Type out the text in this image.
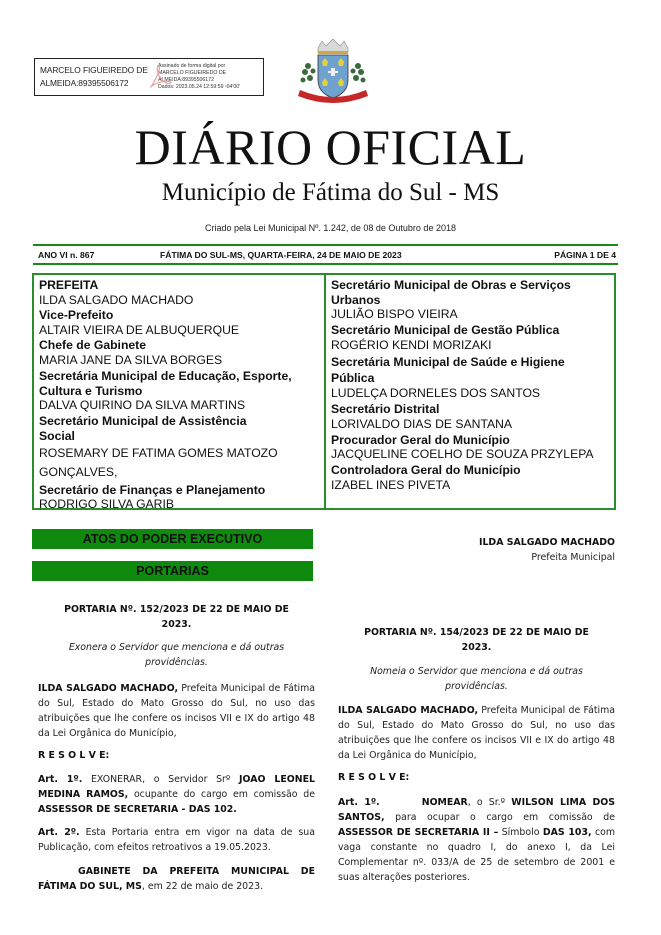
MARCELO FIGUEIREDO DE
ALMEIDA:89395506172
Assinado de forma digital por
MARCELO FIGUEIREDO DE
ALMEIDA:89395506172
Dados: 2023.05.24 12:59:59 -04'00'
DIÁRIO OFICIAL
Município de Fátima do Sul - MS
Criado pela Lei Municipal Nº. 1.242, de 08 de Outubro de 2018
ANO VI n. 867	FÁTIMA DO SUL-MS, QUARTA-FEIRA, 24 DE MAIO DE 2023	PÁGINA 1 DE 4
PREFEITA
ILDA SALGADO MACHADO
Vice-Prefeito
ALTAIR VIEIRA DE ALBUQUERQUE
Chefe de Gabinete
MARIA JANE DA SILVA BORGES
Secretária Municipal de Educação, Esporte, Cultura e Turismo
DALVA QUIRINO DA SILVA MARTINS
Secretário Municipal de Assistência Social
ROSEMARY DE FATIMA GOMES MATOZO GONÇALVES,
Secretário de Finanças e Planejamento
RODRIGO SILVA GARIB
Secretário Municipal de Obras e Serviços Urbanos
JULIÃO BISPO VIEIRA
Secretário Municipal de Gestão Pública
ROGÉRIO KENDI MORIZAKI
Secretária Municipal de Saúde e Higiene Pública
LUDELÇA DORNELES DOS SANTOS
Secretário Distrital
LORIVALDO DIAS DE SANTANA
Procurador Geral do Município
JACQUELINE COELHO DE SOUZA PRZYLEPA
Controladora Geral do Município
IZABEL INES PIVETA
ATOS DO PODER EXECUTIVO
PORTARIAS
PORTARIA Nº. 152/2023 DE 22 DE MAIO DE
2023.
Exonera o Servidor que menciona e dá outras
providências.
ILDA SALGADO MACHADO, Prefeita Municipal de Fátima do Sul, Estado do Mato Grosso do Sul, no uso das atribuições que lhe confere os incisos VII e IX do artigo 48 da Lei Orgânica do Município,
R E S O L V E:
Art. 1º. EXONERAR, o Servidor Srº JOAO LEONEL MEDINA RAMOS, ocupante do cargo em comissão de ASSESSOR DE SECRETARIA - DAS 102.
Art. 2º. Esta Portaria entra em vigor na data de sua Publicação, com efeitos retroativos a 19.05.2023.
GABINETE DA PREFEITA MUNICIPAL DE FÁTIMA DO SUL, MS, em 22 de maio de 2023.
ILDA SALGADO MACHADO
Prefeita Municipal
PORTARIA Nº. 154/2023 DE 22 DE MAIO DE
2023.
Nomeia o Servidor que menciona e dá outras
providências.
ILDA SALGADO MACHADO, Prefeita Municipal de Fátima do Sul, Estado do Mato Grosso do Sul, no uso das atribuições que lhe confere os incisos VII e IX do artigo 48 da Lei Orgânica do Município,
R E S O L V E:
Art. 1º.	NOMEAR, o Sr.º WILSON LIMA DOS SANTOS, para ocupar o cargo em comissão de ASSESSOR DE SECRETARIA II – Símbolo DAS 103, com vaga constante no quadro I, do anexo I, da Lei Complementar nº. 033/A de 25 de setembro de 2001 e suas alterações posteriores.
